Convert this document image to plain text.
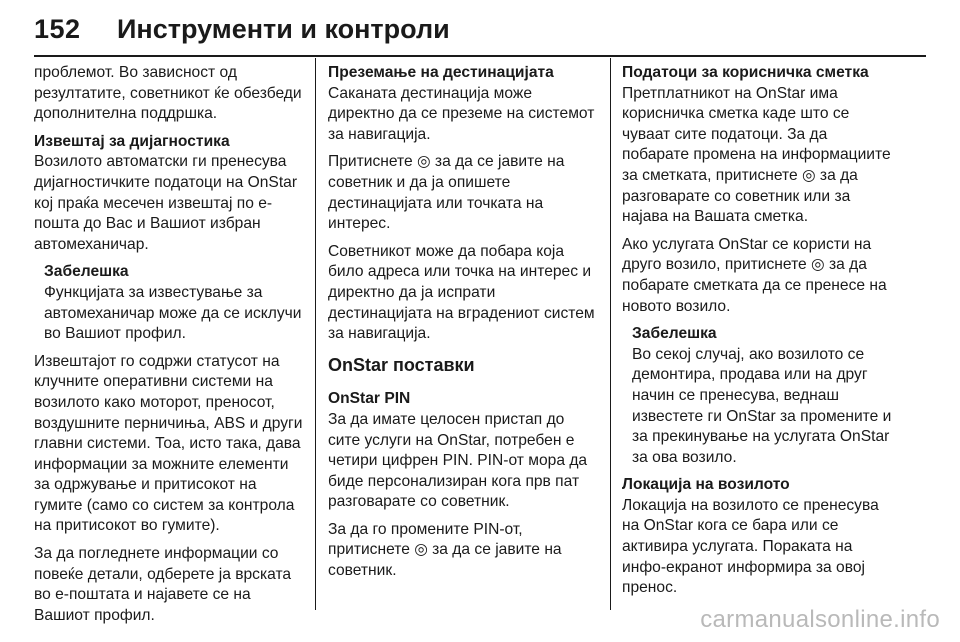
152 Инструменти и контроли

проблемот. Во зависност од резултатите, советникот ќе обезбеди дополнителна поддршка.

Извештај за дијагностика

Возилото автоматски ги пренесува дијагностичките податоци на OnStar кој праќа месечен извештај по е-пошта до Вас и Вашиот избран автомеханичар.

Забелешка
Функцијата за известување за автомеханичар може да се исклучи во Вашиот профил.

Извештајот го содржи статусот на клучните оперативни системи на возилото како моторот, преносот, воздушните перничиња, ABS и други главни системи. Тоа, исто така, дава информации за можните елементи за одржување и притисокот на гумите (само со систем за контрола на притисокот во гумите).

За да погледнете информации со повеќе детали, одберете ја врската во е-поштата и најавете се на Вашиот профил.

Преземање на дестинацијата

Саканата дестинација може директно да се преземе на системот за навигација.

Притиснете ◎ за да се јавите на советник и да ја опишете дестинацијата или точката на интерес.

Советникот може да побара која било адреса или точка на интерес и директно да ја испрати дестинацијата на вградениот систем за навигација.

OnStar поставки
OnStar PIN

За да имате целосен пристап до сите услуги на OnStar, потребен е четири цифрен PIN. PIN-от мора да биде персонализиран кога прв пат разговарате со советник.

За да го промените PIN-от, притиснете ◎ за да се јавите на советник.

Податоци за корисничка сметка

Претплатникот на OnStar има корисничка сметка каде што се чуваат сите податоци. За да побарате промена на информациите за сметката, притиснете ◎ за да разговарате со советник или за најава на Вашата сметка.

Ако услугата OnStar се користи на друго возило, притиснете ◎ за да побарате сметката да се пренесе на новото возило.

Забелешка
Во секој случај, ако возилото се демонтира, продава или на друг начин се пренесува, веднаш известете ги OnStar за промените и за прекинување на услугата OnStar за ова возило.
Локација на возилото

Локација на возилото се пренесува на OnStar кога се бара или се активира услугата. Пораката на инфо-екранот информира за овој пренос.

carmanualsonline.info
